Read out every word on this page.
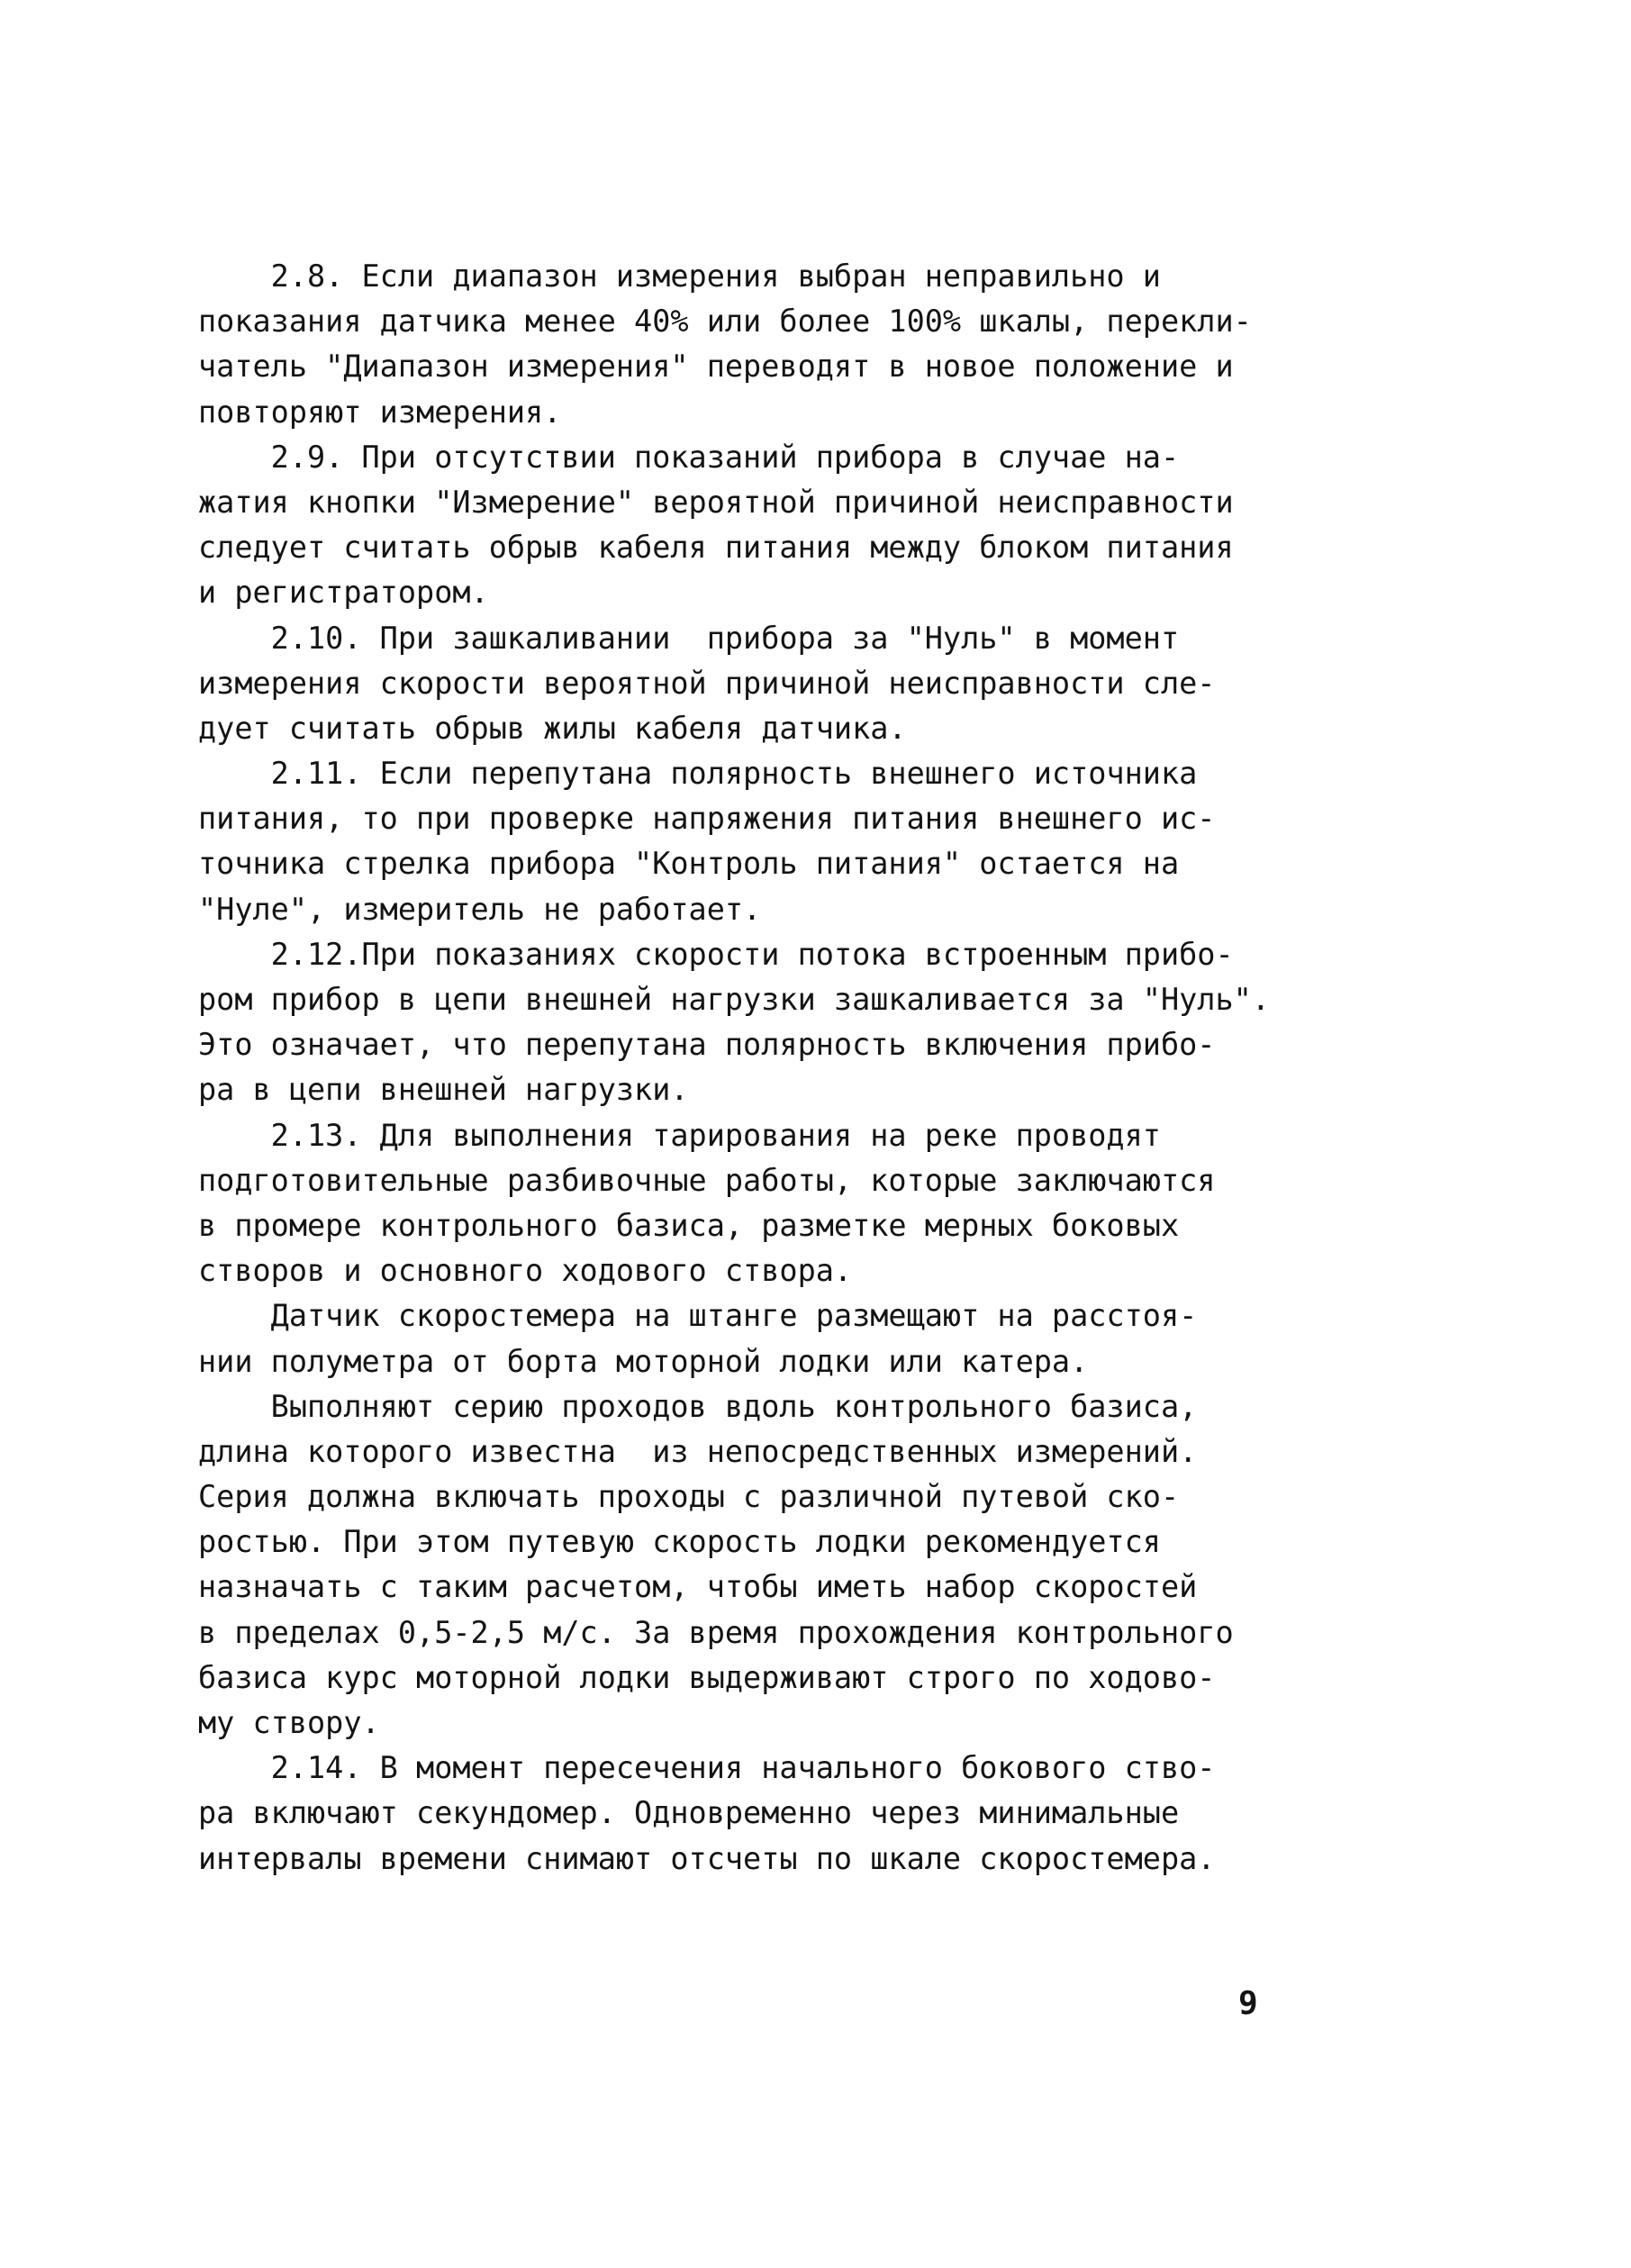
2.8. Если диапазон измерения выбран неправильно и
показания датчика менее 40% или более 100% шкалы, перекли-
чатель "Диапазон измерения" переводят в новое положение и
повторяют измерения.
2.9. При отсутствии показаний прибора в случае на-
жатия кнопки "Измерение" вероятной причиной неисправности
следует считать обрыв кабеля питания между блоком питания
и регистратором.
2.10. При зашкаливании  прибора за "Нуль" в момент
измерения скорости вероятной причиной неисправности сле-
дует считать обрыв жилы кабеля датчика.
2.11. Если перепутана полярность внешнего источника
питания, то при проверке напряжения питания внешнего ис-
точника стрелка прибора "Контроль питания" остается на
"Нуле", измеритель не работает.
2.12.При показаниях скорости потока встроенным прибо-
ром прибор в цепи внешней нагрузки зашкаливается за "Нуль".
Это означает, что перепутана полярность включения прибо-
ра в цепи внешней нагрузки.
2.13. Для выполнения тарирования на реке проводят
подготовительные разбивочные работы, которые заключаются
в промере контрольного базиса, разметке мерных боковых
створов и основного ходового створа.
Датчик скоростемера на штанге размещают на расстоя-
нии полуметра от борта моторной лодки или катера.
Выполняют серию проходов вдоль контрольного базиса,
длина которого известна  из непосредственных измерений.
Серия должна включать проходы с различной путевой ско-
ростью. При этом путевую скорость лодки рекомендуется
назначать с таким расчетом, чтобы иметь набор скоростей
в пределах 0,5-2,5 м/с. За время прохождения контрольного
базиса курс моторной лодки выдерживают строго по ходово-
му створу.
2.14. В момент пересечения начального бокового ство-
ра включают секундомер. Одновременно через минимальные
интервалы времени снимают отсчеты по шкале скоростемера.
9
